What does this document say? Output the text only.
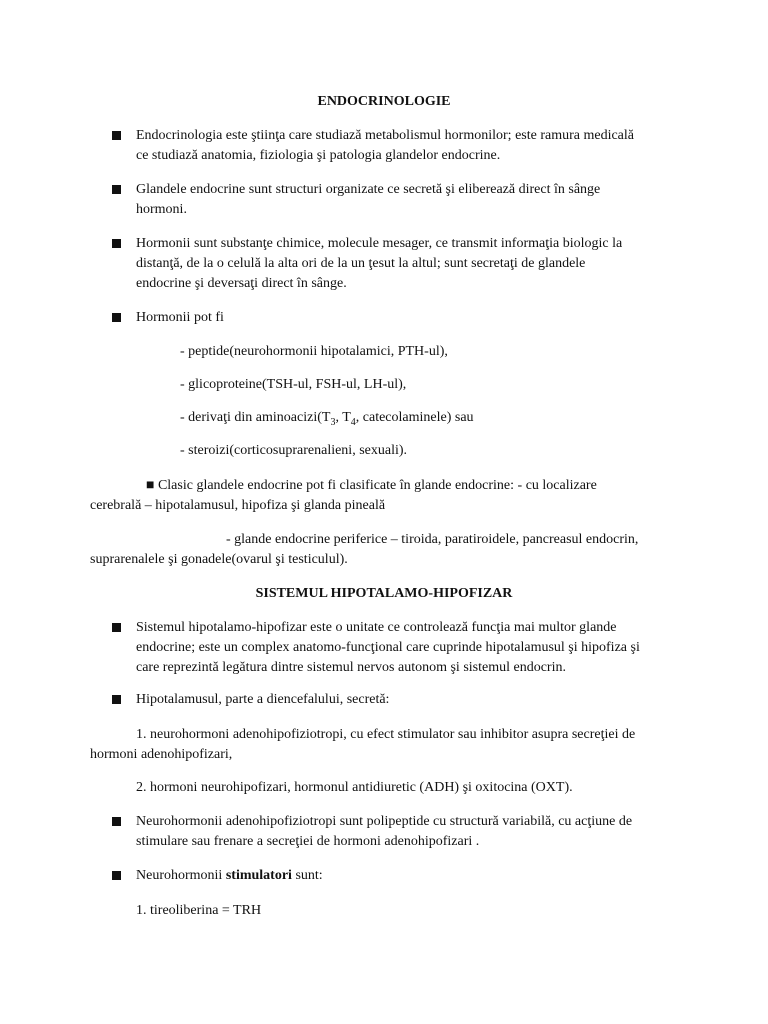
ENDOCRINOLOGIE
Endocrinologia este ştiinţa care studiază metabolismul hormonilor; este ramura medicală
ce studiază anatomia, fiziologia şi patologia glandelor endocrine.
Glandele endocrine sunt structuri organizate ce secretă şi eliberează direct în sânge
hormoni.
Hormonii sunt substanţe chimice, molecule mesager, ce transmit informaţia biologic la
distanţă, de la o celulă la alta ori de la un ţesut la altul; sunt secretaţi de glandele
endocrine şi deversaţi direct în sânge.
Hormonii pot fi
- peptide(neurohormonii hipotalamici, PTH-ul),
- glicoproteine(TSH-ul, FSH-ul, LH-ul),
- derivaţi din $aminoacizi(T_3$, $T_4$, catecolaminele) sau
- steroizi(corticosuprarenalieni, sexuali).
■ Clasic glandele endocrine pot fi clasificate în glande endocrine: - cu localizare
cerebrală – hipotalamusul, hipofiza şi glanda pineală
- glande endocrine periferice – tiroida, paratiroidele, pancreasul endocrin,
suprarenalele şi gonadele(ovarul şi testiculul).
SISTEMUL HIPOTALAMO-HIPOFIZAR
Sistemul hipotalamo-hipofizar este o unitate ce controlează funcţia mai multor glande
endocrine; este un complex anatomo-funcţional care cuprinde hipotalamusul şi hipofiza şi
care reprezintă legătura dintre sistemul nervos autonom şi sistemul endocrin.
Hipotalamusul, parte a diencefalului, secretă:
1. neurohormoni adenohipofiziotropi, cu efect stimulator sau inhibitor asupra secreţiei de
hormoni adenohipofizari,
2. hormoni neurohipofizari, hormonul antidiuretic (ADH) şi oxitocina (OXT).
Neurohormonii adenohipofiziotropi sunt polipeptide cu structură variabilă, cu acţiune de
stimulare sau frenare a secreţiei de hormoni adenohipofizari .
Neurohormonii stimulatori sunt:
1. tireoliberina = TRH
